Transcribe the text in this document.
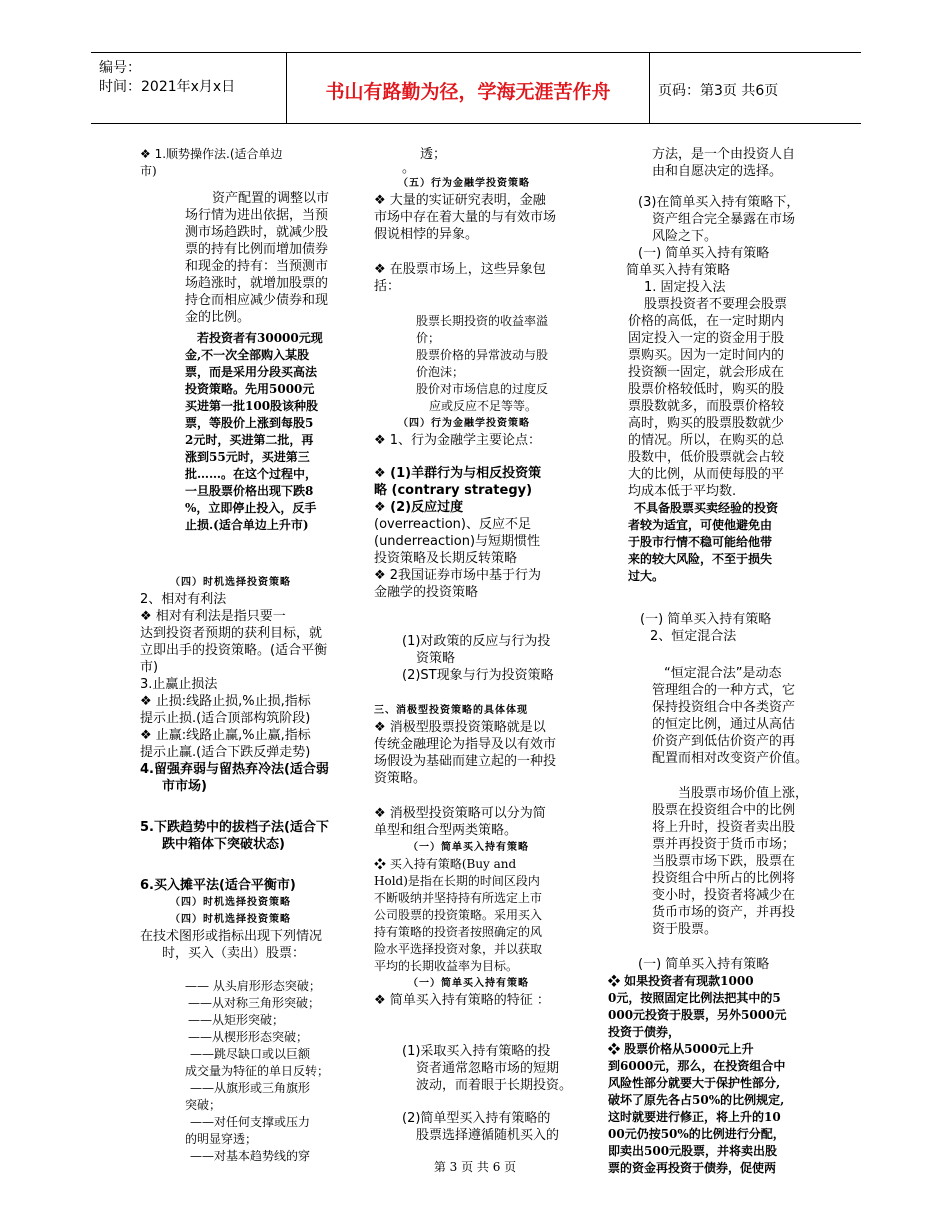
编号：
时间：2021年x月x日	书山有路勤为径，学海无涯苦作舟	页码：第3页 共6页

❖ 1.顺势操作法.(适合单边

市)

资产配置的调整以市

场行情为进出依据，当预

测市场趋跌时，就减少股

票的持有比例而增加债券

和现金的持有：当预测市

场趋涨时，就增加股票的

持仓而相应减少债券和现

金的比例。

若投资者有30000元现

金,不一次全部购入某股

票，而是采用分段买高法

投资策略。先用5000元

买进第一批100股该种股

票，等股价上涨到每股5

2元时，买进第二批，再

涨到55元时，买进第三

批……。在这个过程中，

一旦股票价格出现下跌8

%，立即停止投入，反手

止损.(适合单边上升市)

（四）时机选择投资策略

2、相对有利法

❖ 相对有利法是指只要一

达到投资者预期的获利目标，就

立即出手的投资策略。(适合平衡

市)

3.止赢止损法

❖ 止损:线路止损,%止损,指标

提示止损.(适合顶部构筑阶段)

❖ 止赢:线路止赢,%止赢,指标

提示止赢.(适合下跌反弹走势)

4.留强弃弱与留热弃冷法(适合弱

市市场)

5.下跌趋势中的拔档子法(适合下

跌中箱体下突破状态)

6.买入摊平法(适合平衡市)

（四）时机选择投资策略

（四）时机选择投资策略

在技术图形或指标出现下列情况

时，买入（卖出）股票：

—— 从头肩形形态突破；

——从对称三角形突破；

——从矩形突破；

——从楔形形态突破；

——跳尽缺口或以巨额

成交量为特征的单日反转；

——从旗形或三角旗形

突破；

——对任何支撑或压力

的明显穿透；

——对基本趋势线的穿

透；

。

（五）行为金融学投资策略

❖ 大量的实证研究表明，金融

市场中存在着大量的与有效市场

假说相悖的异象。

❖ 在股票市场上，这些异象包

括：

股票长期投资的收益率溢

价；

股票价格的异常波动与股

价泡沫；

股价对市场信息的过度反

应或反应不足等等。

（四）行为金融学投资策略

❖ 1、行为金融学主要论点：

❖ (1)羊群行为与相反投资策

略 (contrary strategy)

❖ (2)反应过度

(overreaction)、反应不足

(underreaction)与短期惯性

投资策略及长期反转策略

❖ 2我国证券市场中基于行为

金融学的投资策略

(1)对政策的反应与行为投

资策略

(2)ST现象与行为投资策略

三、消极型投资策略的具体体现

❖ 消极型股票投资策略就是以

传统金融理论为指导及以有效市

场假设为基础而建立起的一种投

资策略。

❖ 消极型投资策略可以分为简

单型和组合型两类策略。

（一）简单买入持有策略

❖ 买入持有策略(Buy and

Hold)是指在长期的时间区段内

不断吸纳并坚持持有所选定上市

公司股票的投资策略。采用买入

持有策略的投资者按照确定的风

险水平选择投资对象，并以获取

平均的长期收益率为目标。

（一）简单买入持有策略

❖ 简单买入持有策略的特征 ：

(1)采取买入持有策略的投

资者通常忽略市场的短期

波动，而着眼于长期投资。

(2)简单型买入持有策略的

股票选择遵循随机买入的

方法，是一个由投资人自

由和自愿决定的选择。

(3)在简单买入持有策略下，

资产组合完全暴露在市场

风险之下。

(一) 简单买入持有策略

简单买入持有策略

1. 固定投入法

股票投资者不要理会股票

价格的高低，在一定时期内

固定投入一定的资金用于股

票购买。因为一定时间内的

投资额一固定，就会形成在

股票价格较低时，购买的股

票股数就多，而股票价格较

高时，购买的股票股数就少

的情况。所以，在购买的总

股数中，低价股票就会占较

大的比例，从而使每股的平

均成本低于平均数.

不具备股票买卖经验的投资

者较为适宜，可使他避免由

于股市行情不稳可能给他带

来的较大风险，不至于损失

过大。

(一) 简单买入持有策略

2、恒定混合法

“恒定混合法”是动态

管理组合的一种方式，它

保持投资组合中各类资产

的恒定比例，通过从高估

价资产到低估价资产的再

配置而相对改变资产价值。

当股票市场价值上涨，

股票在投资组合中的比例

将上升时，投资者卖出股

票并再投资于货币市场；

当股票市场下跌，股票在

投资组合中所占的比例将

变小时，投资者将减少在

货币市场的资产，并再投

资于股票。

(一) 简单买入持有策略

❖ 如果投资者有现款1000

0元，按照固定比例法把其中的5

000元投资于股票，另外5000元

投资于债券，

❖ 股票价格从5000元上升

到6000元，那么，在投资组合中

风险性部分就要大于保护性部分,

破坏了原先各占50%的比例规定,

这时就要进行修正，将上升的10

00元仍按50%的比例进行分配，

即卖出500元股票，并将卖出股

票的资金再投资于债券，促使两

第 3 页 共 6 页
